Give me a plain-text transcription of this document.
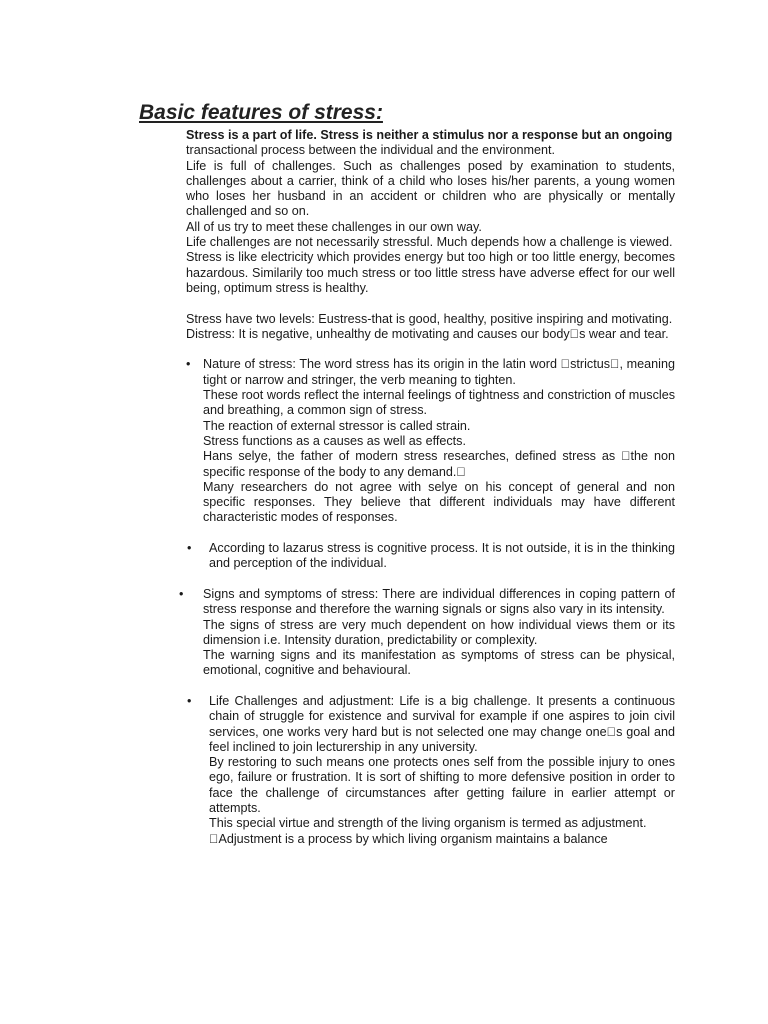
Basic features of stress:

Stress is a part of life. Stress is neither a stimulus nor a response but an ongoing

transactional process between the individual and the environment.

Life is full of challenges. Such as challenges posed by examination to students, challenges about a carrier, think of a child who loses his/her parents, a young women who loses her husband in an accident or children who are physically or mentally challenged and so on.

All of us try to meet these challenges in our own way.

Life challenges are not necessarily stressful. Much depends how a challenge is viewed.

Stress is like electricity which provides energy but too high or too little energy, becomes hazardous. Similarily too much stress or too little stress have adverse effect for our well being, optimum stress is healthy.

Stress have two levels: Eustress-that is good, healthy, positive inspiring and motivating.

Distress: It is negative, unhealthy de motivating and causes our body s wear and tear.

• Nature of stress: The word stress has its origin in the latin word  strictus , meaning tight or narrow and stringer, the verb meaning to tighten.

These root words reflect the internal feelings of tightness and constriction of muscles and breathing, a common sign of stress.

The reaction of external stressor is called strain.

Stress functions as a causes as well as effects.

Hans selye, the father of modern stress researches, defined stress as  the non specific response of the body to any demand. 

Many researchers do not agree with selye on his concept of general and non specific responses. They believe that different individuals may have different characteristic modes of responses.

• According to lazarus stress is cognitive process. It is not outside, it is in the thinking and perception of the individual.

• Signs and symptoms of stress: There are individual differences in coping pattern of stress response and therefore the warning signals or signs also vary in its intensity.

The signs of stress are very much dependent on how individual views them or its dimension i.e. Intensity duration, predictability or complexity.

The warning signs and its manifestation as symptoms of stress can be physical, emotional, cognitive and behavioural.

• Life Challenges and adjustment: Life is a big challenge. It presents a continuous chain of struggle for existence and survival for example if one aspires to join civil services, one works very hard but is not selected one may change one s goal and feel inclined to join lecturership in any university.

By restoring to such means one protects ones self from the possible injury to ones ego, failure or frustration. It is sort of shifting to more defensive position in order to face the challenge of circumstances after getting failure in earlier attempt or attempts.

This special virtue and strength of the living organism is termed as adjustment.

 Adjustment is a process by which living organism maintains a balance
